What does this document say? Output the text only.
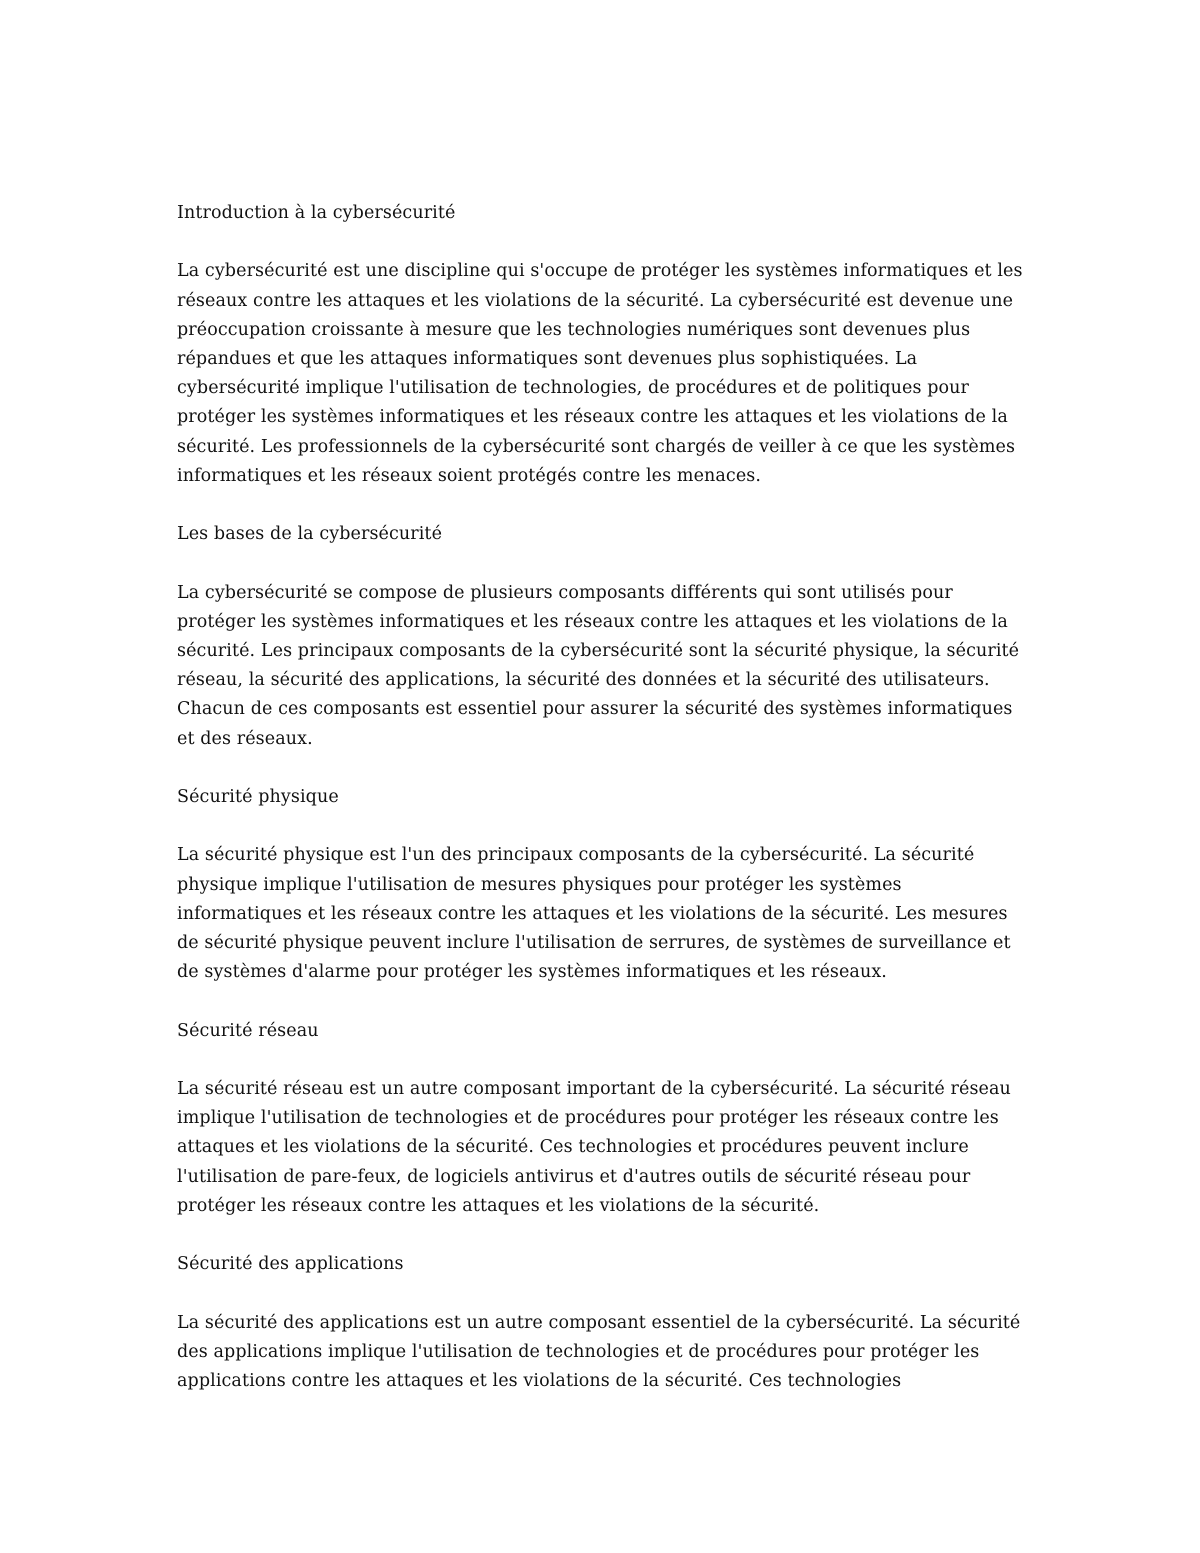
Introduction à la cybersécurité

La cybersécurité est une discipline qui s'occupe de protéger les systèmes informatiques et les réseaux contre les attaques et les violations de la sécurité. La cybersécurité est devenue une préoccupation croissante à mesure que les technologies numériques sont devenues plus répandues et que les attaques informatiques sont devenues plus sophistiquées. La cybersécurité implique l'utilisation de technologies, de procédures et de politiques pour protéger les systèmes informatiques et les réseaux contre les attaques et les violations de la sécurité. Les professionnels de la cybersécurité sont chargés de veiller à ce que les systèmes informatiques et les réseaux soient protégés contre les menaces.

Les bases de la cybersécurité

La cybersécurité se compose de plusieurs composants différents qui sont utilisés pour protéger les systèmes informatiques et les réseaux contre les attaques et les violations de la sécurité. Les principaux composants de la cybersécurité sont la sécurité physique, la sécurité réseau, la sécurité des applications, la sécurité des données et la sécurité des utilisateurs. Chacun de ces composants est essentiel pour assurer la sécurité des systèmes informatiques et des réseaux.

Sécurité physique

La sécurité physique est l'un des principaux composants de la cybersécurité. La sécurité physique implique l'utilisation de mesures physiques pour protéger les systèmes informatiques et les réseaux contre les attaques et les violations de la sécurité. Les mesures de sécurité physique peuvent inclure l'utilisation de serrures, de systèmes de surveillance et de systèmes d'alarme pour protéger les systèmes informatiques et les réseaux.

Sécurité réseau

La sécurité réseau est un autre composant important de la cybersécurité. La sécurité réseau implique l'utilisation de technologies et de procédures pour protéger les réseaux contre les attaques et les violations de la sécurité. Ces technologies et procédures peuvent inclure l'utilisation de pare-feux, de logiciels antivirus et d'autres outils de sécurité réseau pour protéger les réseaux contre les attaques et les violations de la sécurité.

Sécurité des applications

La sécurité des applications est un autre composant essentiel de la cybersécurité. La sécurité des applications implique l'utilisation de technologies et de procédures pour protéger les applications contre les attaques et les violations de la sécurité. Ces technologies
